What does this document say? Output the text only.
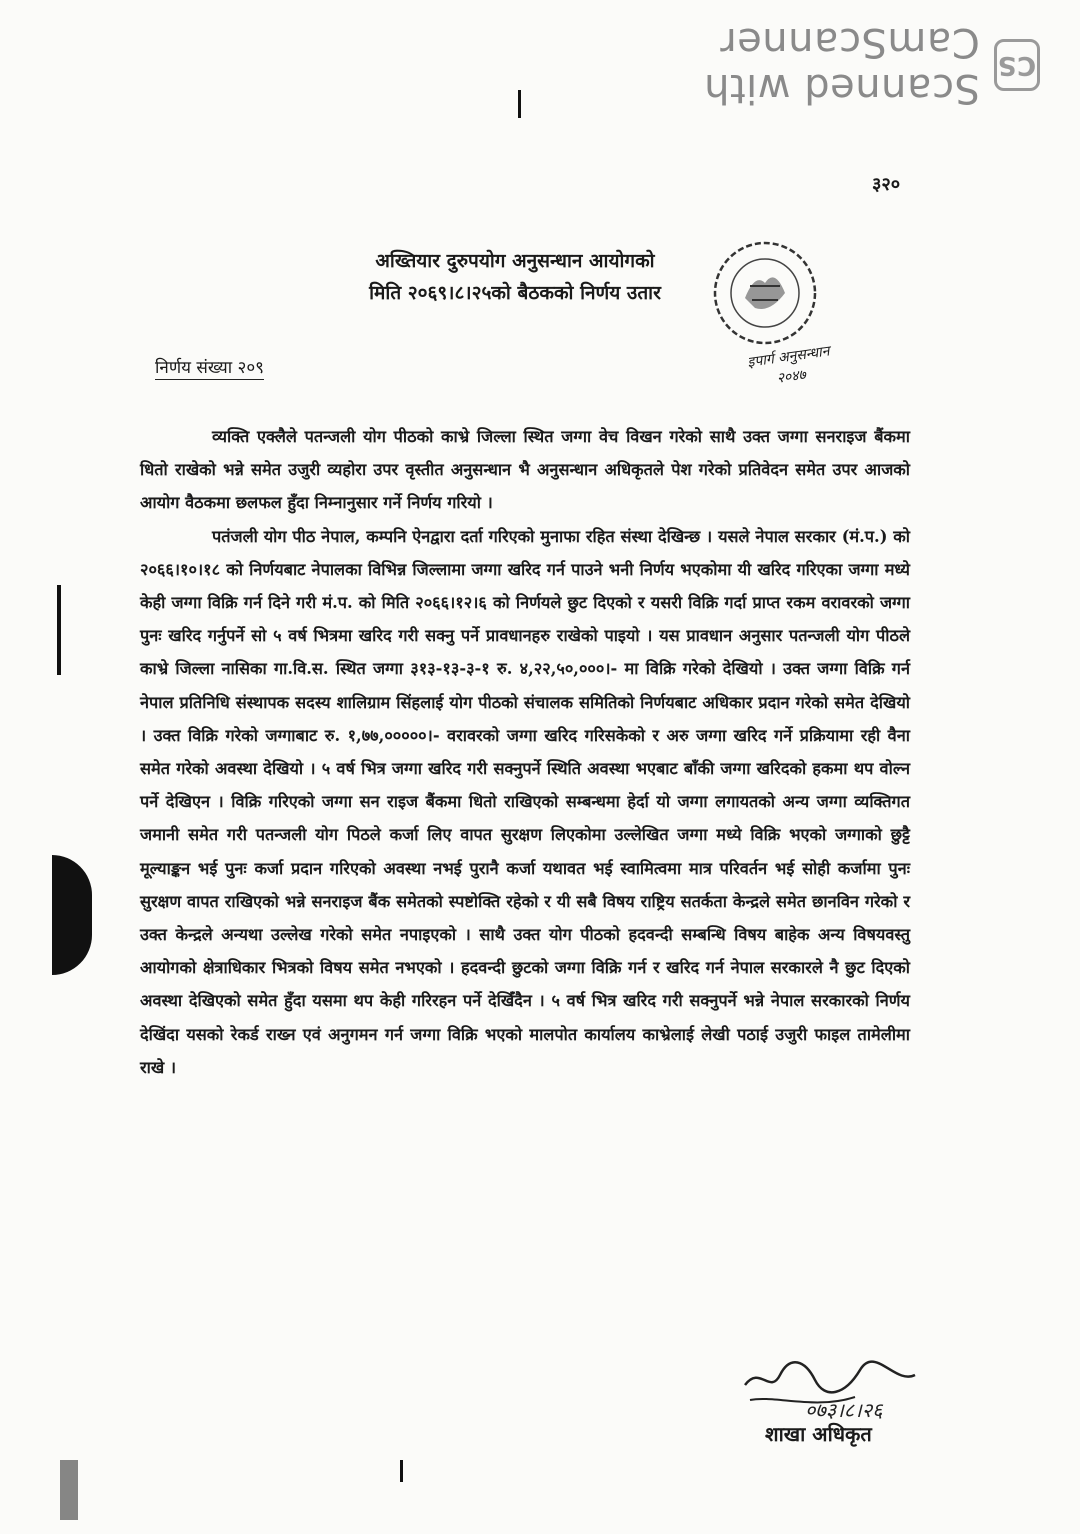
CS
Scanned with CamScanner
३२०
अख्तियार दुरुपयोग अनुसन्धान आयोगको
मिति २०६९।८।२५को बैठकको निर्णय उतार
इपार्ग अनुसन्धान
२०४७
निर्णय संख्या २०९

व्यक्ति एक्लैले पतन्जली योग पीठको काभ्रे जिल्ला स्थित जग्गा वेच विखन गरेको साथै उक्त जग्गा सनराइज बैंकमा धितो राखेको भन्ने समेत उजुरी व्यहोरा उपर वृस्तीत अनुसन्धान भै अनुसन्धान अधिकृतले पेश गरेको प्रतिवेदन समेत उपर आजको आयोग वैठकमा छलफल हुँदा निम्नानुसार गर्ने निर्णय गरियो ।

पतंजली योग पीठ नेपाल, कम्पनि ऐनद्वारा दर्ता गरिएको मुनाफा रहित संस्था देखिन्छ । यसले नेपाल सरकार (मं.प.) को २०६६।१०।१८ को निर्णयबाट नेपालका विभिन्न जिल्लामा जग्गा खरिद गर्न पाउने भनी निर्णय भएकोमा यी खरिद गरिएका जग्गा मध्ये केही जग्गा विक्रि गर्न दिने गरी मं.प. को मिति २०६६।१२।६ को निर्णयले छुट दिएको र यसरी विक्रि गर्दा प्राप्त रकम वरावरको जग्गा पुनः खरिद गर्नुपर्ने सो ५ वर्ष भित्रमा खरिद गरी सक्नु पर्ने प्रावधानहरु राखेको पाइयो । यस प्रावधान अनुसार पतन्जली योग पीठले काभ्रे जिल्ला नासिका गा.वि.स. स्थित जग्गा ३१३-१३-३-१ रु. ४,२२,५०,०००।- मा विक्रि गरेको देखियो । उक्त जग्गा विक्रि गर्न नेपाल प्रतिनिधि संस्थापक सदस्य शालिग्राम सिंहलाई योग पीठको संचालक समितिको निर्णयबाट अधिकार प्रदान गरेको समेत देखियो । उक्त विक्रि गरेको जग्गाबाट रु. १,७७,०००००।- वरावरको जग्गा खरिद गरिसकेको र अरु जग्गा खरिद गर्ने प्रक्रियामा रही वैना समेत गरेको अवस्था देखियो । ५ वर्ष भित्र जग्गा खरिद गरी सक्नुपर्ने स्थिति अवस्था भएबाट बाँकी जग्गा खरिदको हकमा थप वोल्न पर्ने देखिएन । विक्रि गरिएको जग्गा सन राइज बैंकमा धितो राखिएको सम्बन्धमा हेर्दा यो जग्गा लगायतको अन्य जग्गा व्यक्तिगत जमानी समेत गरी पतन्जली योग पिठले कर्जा लिए वापत सुरक्षण लिएकोमा उल्लेखित जग्गा मध्ये विक्रि भएको जग्गाको छुट्टै मूल्याङ्कन भई पुनः कर्जा प्रदान गरिएको अवस्था नभई पुरानै कर्जा यथावत भई स्वामित्वमा मात्र परिवर्तन भई सोही कर्जामा पुनः सुरक्षण वापत राखिएको भन्ने सनराइज बैंक समेतको स्पष्टोक्ति रहेको र यी सबै विषय राष्ट्रिय सतर्कता केन्द्रले समेत छानविन गरेको र उक्त केन्द्रले अन्यथा उल्लेख गरेको समेत नपाइएको । साथै उक्त योग पीठको हदवन्दी सम्बन्धि विषय बाहेक अन्य विषयवस्तु आयोगको क्षेत्राधिकार भित्रको विषय समेत नभएको । हदवन्दी छुटको जग्गा विक्रि गर्न र खरिद गर्न नेपाल सरकारले नै छुट दिएको अवस्था देखिएको समेत हुँदा यसमा थप केही गरिरहन पर्ने देखिँदैन । ५ वर्ष भित्र खरिद गरी सक्नुपर्ने भन्ने नेपाल सरकारको निर्णय देखिंदा यसको रेकर्ड राख्न एवं अनुगमन गर्न जग्गा विक्रि भएको मालपोत कार्यालय काभ्रेलाई लेखी पठाई उजुरी फाइल तामेलीमा राखे ।

०७३।८।२६
शाखा अधिकृत
